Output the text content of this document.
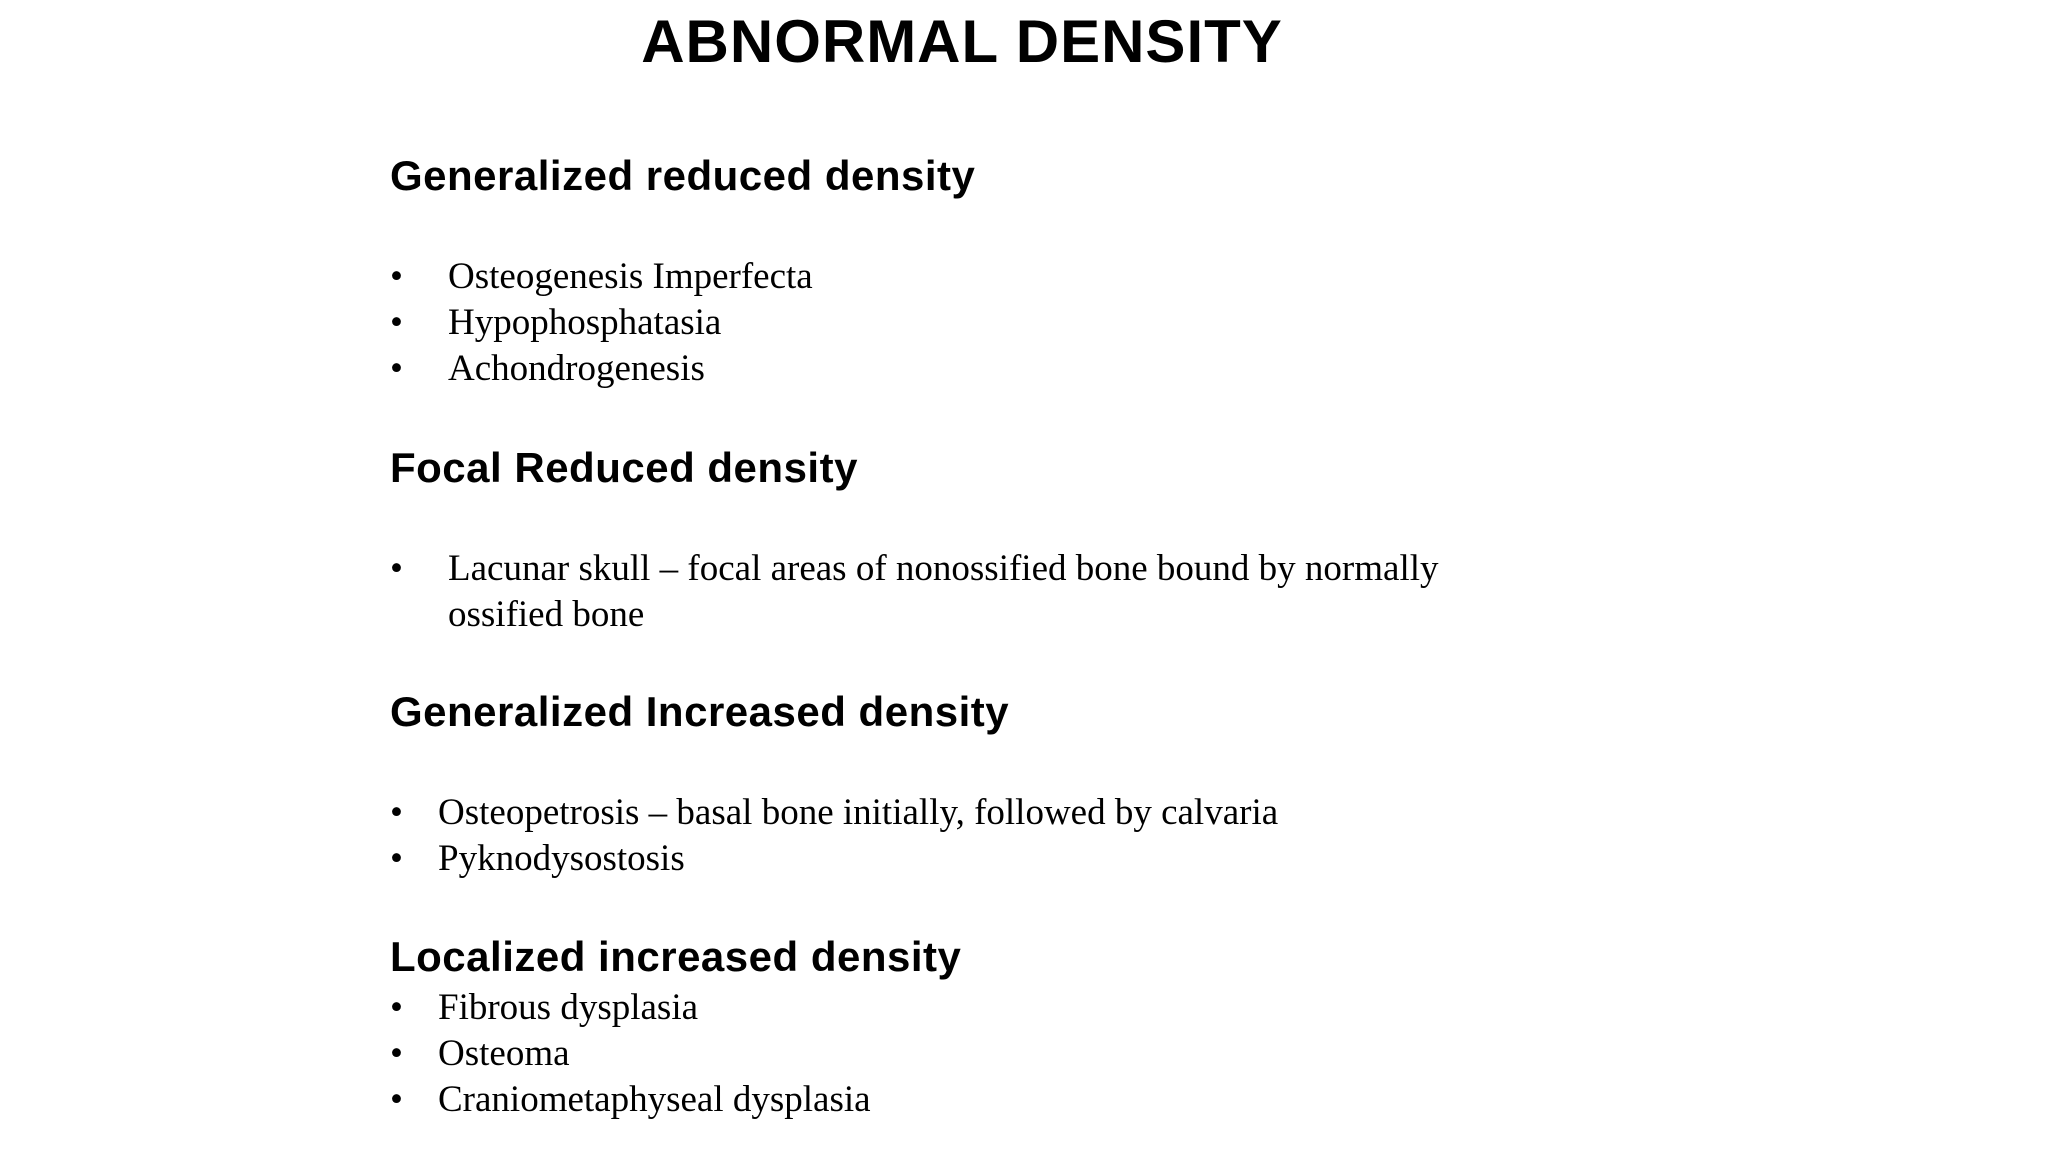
ABNORMAL DENSITY
Generalized reduced density
• Osteogenesis Imperfecta
• Hypophosphatasia
• Achondrogenesis
Focal Reduced density
• Lacunar skull – focal areas of nonossified bone bound by normally ossified bone
Generalized Increased density
• Osteopetrosis – basal bone initially, followed by calvaria
• Pyknodysostosis
Localized increased density
• Fibrous dysplasia
• Osteoma
• Craniometaphyseal dysplasia
